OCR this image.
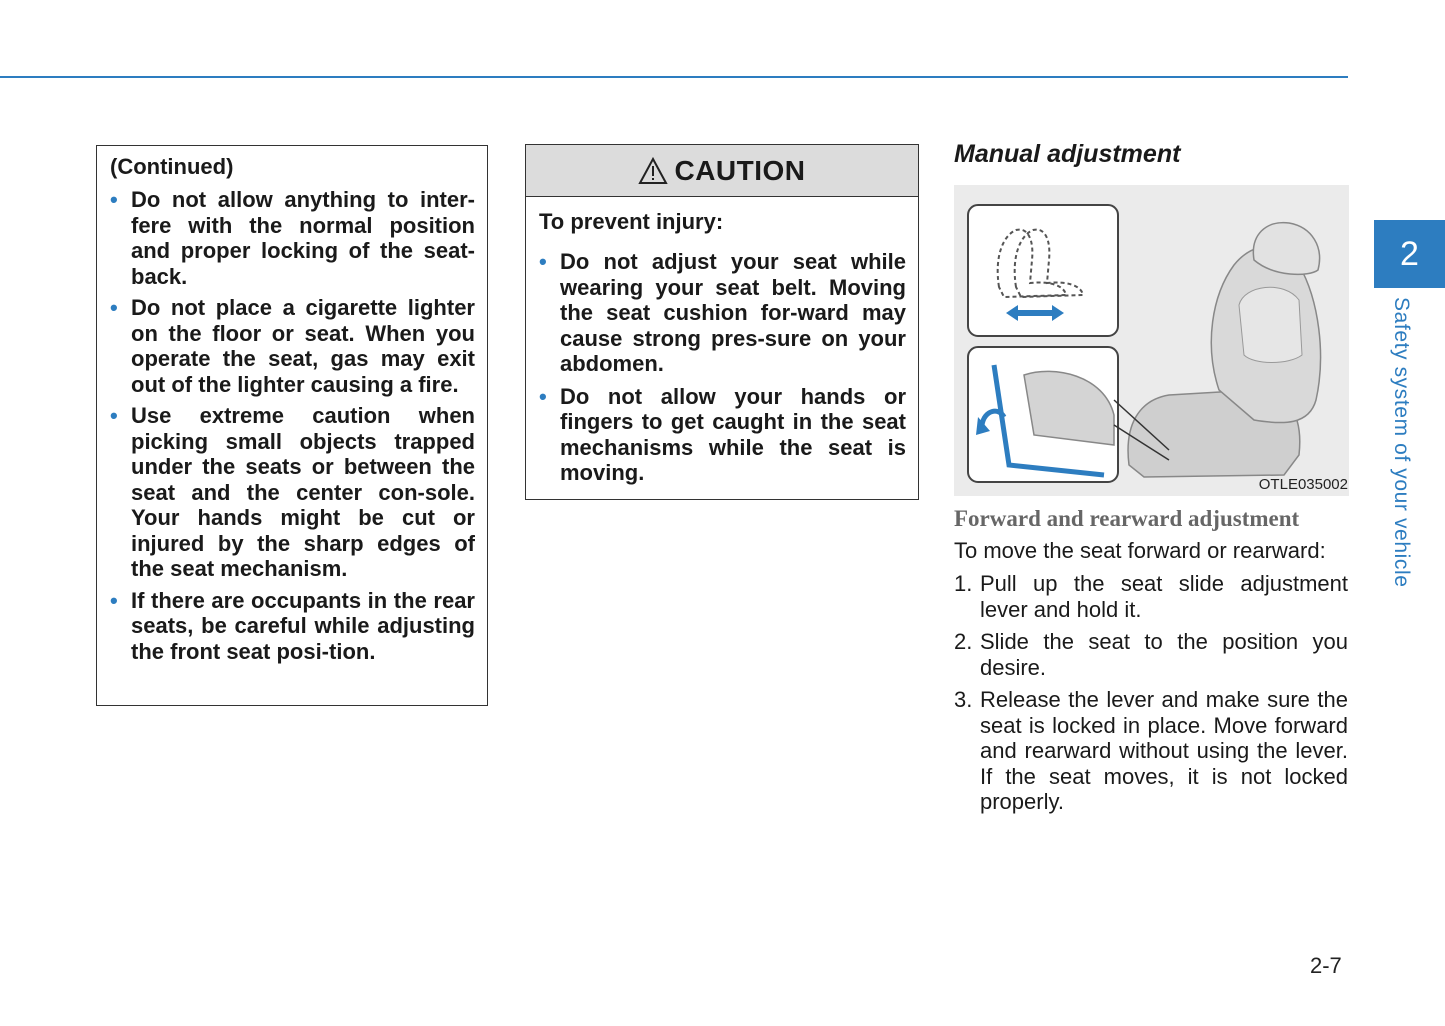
(Continued)
• Do not allow anything to inter-fere with the normal position and proper locking of the seat-back.
• Do not place a cigarette lighter on the floor or seat. When you operate the seat, gas may exit out of the lighter causing a fire.
• Use extreme caution when picking small objects trapped under the seats or between the seat and the center con-sole. Your hands might be cut or injured by the sharp edges of the seat mechanism.
• If there are occupants in the rear seats, be careful while adjusting the front seat posi-tion.
CAUTION
To prevent injury:
• Do not adjust your seat while wearing your seat belt. Moving the seat cushion for-ward may cause strong pres-sure on your abdomen.
• Do not allow your hands or fingers to get caught in the seat mechanisms while the seat is moving.
Manual adjustment
OTLE035002
Forward and rearward adjustment
To move the seat forward or rearward:
1. Pull up the seat slide adjustment lever and hold it.
2. Slide the seat to the position you desire.
3. Release the lever and make sure the seat is locked in place. Move forward and rearward without using the lever. If the seat moves, it is not locked properly.
2
Safety system of your vehicle
2-7
